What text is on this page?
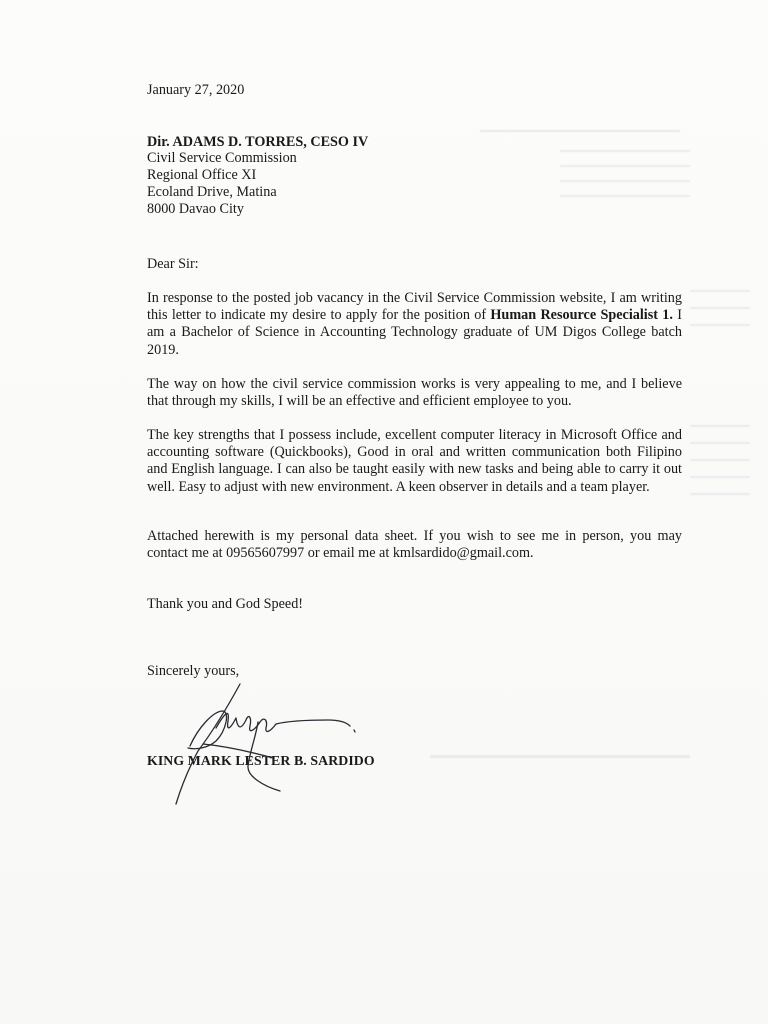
January 27, 2020
Dir. ADAMS D. TORRES, CESO IV
Civil Service Commission
Regional Office XI
Ecoland Drive, Matina
8000 Davao City
Dear Sir:
In response to the posted job vacancy in the Civil Service Commission website, I am writing this letter to indicate my desire to apply for the position of Human Resource Specialist 1. I am a Bachelor of Science in Accounting Technology graduate of UM Digos College batch 2019.
The way on how the civil service commission works is very appealing to me, and I believe that through my skills, I will be an effective and efficient employee to you.
The key strengths that I possess include, excellent computer literacy in Microsoft Office and accounting software (Quickbooks), Good in oral and written communication both Filipino and English language. I can also be taught easily with new tasks and being able to carry it out well. Easy to adjust with new environment. A keen observer in details and a team player.
Attached herewith is my personal data sheet. If you wish to see me in person, you may contact me at 09565607997 or email me at kmlsardido@gmail.com.
Thank you and God Speed!
Sincerely yours,
KING MARK LESTER B. SARDIDO
